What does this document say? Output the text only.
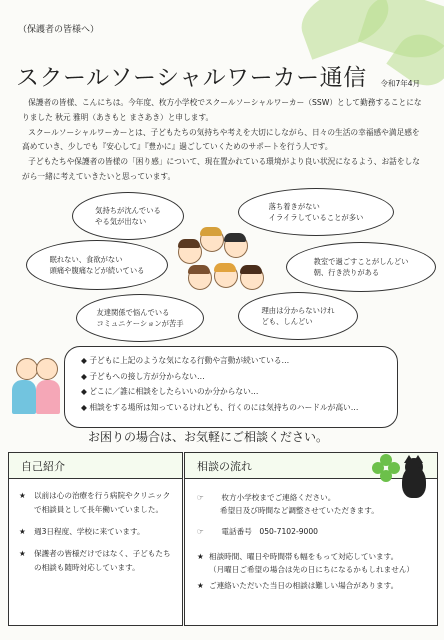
（保護者の皆様へ）
スクールソーシャルワーカー通信 令和7年4月

保護者の皆様、こんにちは。今年度、枚方小学校でスクールソーシャルワーカー（SSW）として勤務することになりました 秋元 雅明（あきもと まさあき）と申します。

スクールソーシャルワーカーとは、子どもたちの気持ちや考えを大切にしながら、日々の生活の幸福感や満足感を高めていき、少しでも『安心して』『豊かに』過ごしていくためのサポートを行う人です。

子どもたちや保護者の皆様の「困り感」について、現在置かれている環境がより良い状況になるよう、お話をしながら一緒に考えていきたいと思っています。

気持ちが沈んでいる
やる気が出ない
落ち着きがない
イライラしていることが多い
眠れない、食欲がない
頭痛や腹痛などが続いている
教室で過ごすことがしんどい
朝、行き渋りがある
友達関係で悩んでいる
コミュニケーションが苦手
理由は分からないけれ
ども、しんどい
◆ 子どもに上記のような気になる行動や言動が続いている…
◆ 子どもへの接し方が分からない…
◆ どこに／誰に相談をしたらいいのか分からない…
◆ 相談をする場所は知っているけれども、行くのには気持ちのハードルが高い…
お困りの場合は、お気軽にご相談ください。
自己紹介
★ 以前は心の治療を行う病院やクリニックで相談員として長年働いていました。
★ 週3日程度、学校に来ています。
★ 保護者の皆様だけではなく、子どもたちの相談も随時対応しています。
相談の流れ
☞ 枚方小学校までご連絡ください。
希望日及び時間など調整させていただきます。
☞ 電話番号　050-7102-9000
★ 相談時間、曜日や時間帯も幅をもって対応しています。
（月曜日ご希望の場合は先の日にちになるかもしれません）
★ ご連絡いただいた当日の相談は難しい場合があります。
